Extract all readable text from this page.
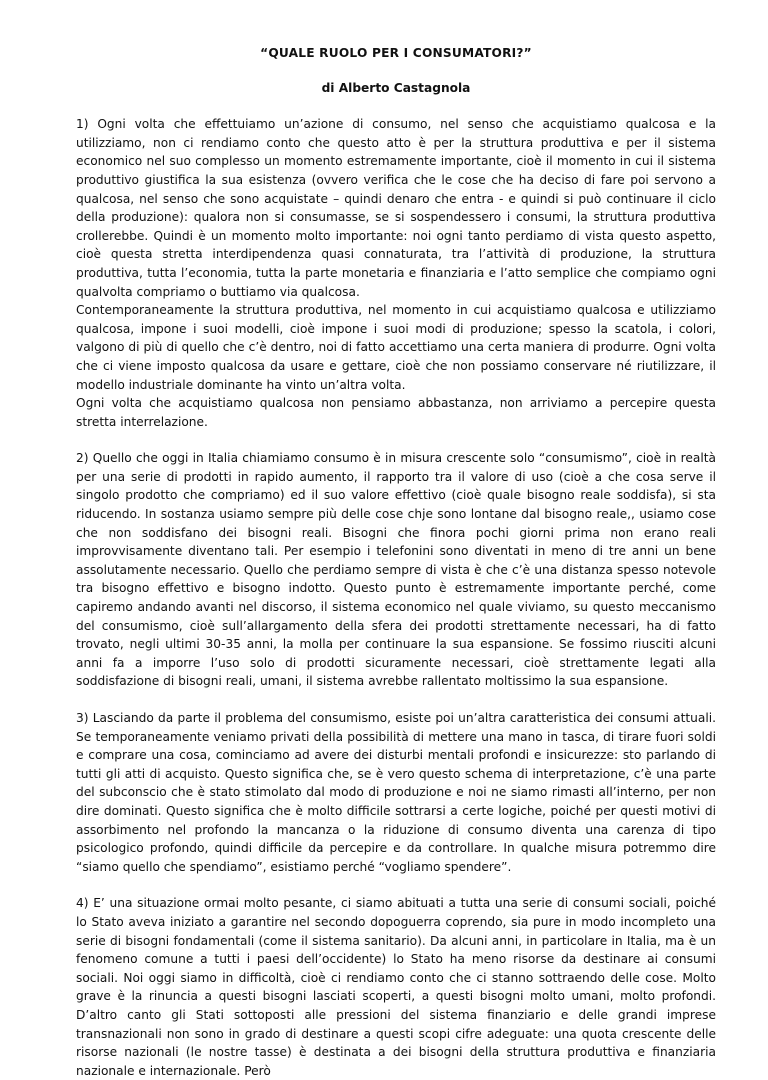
“QUALE RUOLO PER I CONSUMATORI?”
di Alberto Castagnola

1) Ogni volta che effettuiamo un’azione di consumo, nel senso che acquistiamo qualcosa e la utilizziamo, non ci rendiamo conto che questo atto è per la struttura produttiva e per il sistema economico nel suo complesso un momento estremamente importante, cioè il momento in cui il sistema produttivo giustifica la sua esistenza (ovvero verifica che le cose che ha deciso di fare poi servono a qualcosa, nel senso che sono acquistate – quindi denaro che entra - e quindi si può continuare il ciclo della produzione): qualora non si consumasse, se si sospendessero i consumi, la struttura produttiva crollerebbe. Quindi è un momento molto importante: noi ogni tanto perdiamo di vista questo aspetto, cioè questa stretta interdipendenza quasi connaturata, tra l’attività di produzione, la struttura produttiva, tutta l’economia, tutta la parte monetaria e finanziaria e l’atto semplice che compiamo ogni qualvolta compriamo o buttiamo via qualcosa.

Contemporaneamente la struttura produttiva, nel momento in cui acquistiamo qualcosa e utilizziamo qualcosa, impone i suoi modelli, cioè impone i suoi modi di produzione; spesso la scatola, i colori, valgono di più di quello che c’è dentro, noi di fatto accettiamo una certa maniera di produrre. Ogni volta che ci viene imposto qualcosa da usare e gettare, cioè che non possiamo conservare né riutilizzare, il modello industriale dominante ha vinto un’altra volta.

Ogni volta che acquistiamo qualcosa non pensiamo abbastanza, non arriviamo a percepire questa stretta interrelazione.

2) Quello che oggi in Italia chiamiamo consumo è in misura crescente solo “consumismo”, cioè in realtà per una serie di prodotti in rapido aumento, il rapporto tra il valore di uso (cioè a che cosa serve il singolo prodotto che compriamo) ed il suo valore effettivo (cioè quale bisogno reale soddisfa), si sta riducendo. In sostanza usiamo sempre più delle cose chje sono lontane dal bisogno reale,, usiamo cose che non soddisfano dei bisogni reali. Bisogni che finora pochi giorni prima non erano reali improvvisamente diventano tali. Per esempio i telefonini sono diventati in meno di tre anni un bene assolutamente necessario. Quello che perdiamo sempre di vista è che c’è una distanza spesso notevole tra bisogno effettivo e bisogno indotto. Questo punto è estremamente importante perché, come capiremo andando avanti nel discorso, il sistema economico nel quale viviamo, su questo meccanismo del consumismo, cioè sull’allargamento della sfera dei prodotti strettamente necessari, ha di fatto trovato, negli ultimi 30-35 anni, la molla per continuare la sua espansione. Se fossimo riusciti alcuni anni fa a imporre l’uso solo di prodotti sicuramente necessari, cioè strettamente legati alla soddisfazione di bisogni reali, umani, il sistema avrebbe rallentato moltissimo la sua espansione.

3) Lasciando da parte il problema del consumismo, esiste poi un’altra caratteristica dei consumi attuali. Se temporaneamente veniamo privati della possibilità di mettere una mano in tasca, di tirare fuori soldi e comprare una cosa, cominciamo ad avere dei disturbi mentali profondi e insicurezze: sto parlando di tutti gli atti di acquisto. Questo significa che, se è vero questo schema di interpretazione, c’è una parte del subconscio che è stato stimolato dal modo di produzione e noi ne siamo rimasti all’interno, per non dire dominati. Questo significa che è molto difficile sottrarsi a certe logiche, poiché per questi motivi di assorbimento nel profondo la mancanza o la riduzione di consumo diventa una carenza di tipo psicologico profondo, quindi difficile da percepire e da controllare. In qualche misura potremmo dire “siamo quello che spendiamo”, esistiamo perché “vogliamo spendere”.

4) E’ una situazione ormai molto pesante, ci siamo abituati a tutta una serie di consumi sociali, poiché lo Stato aveva iniziato a garantire nel secondo dopoguerra coprendo, sia pure in modo incompleto una serie di bisogni fondamentali (come il sistema sanitario). Da alcuni anni, in particolare in Italia, ma è un fenomeno comune a tutti i paesi dell’occidente) lo Stato ha meno risorse da destinare ai consumi sociali. Noi oggi siamo in difficoltà, cioè ci rendiamo conto che ci stanno sottraendo delle cose. Molto grave è la rinuncia a questi bisogni lasciati scoperti, a questi bisogni molto umani, molto profondi. D’altro canto gli Stati sottoposti alle pressioni del sistema finanziario e delle grandi imprese transnazionali non sono in grado di destinare a questi scopi cifre adeguate: una quota crescente delle risorse nazionali (le nostre tasse) è destinata a dei bisogni della struttura produttiva e finanziaria nazionale e internazionale. Però
